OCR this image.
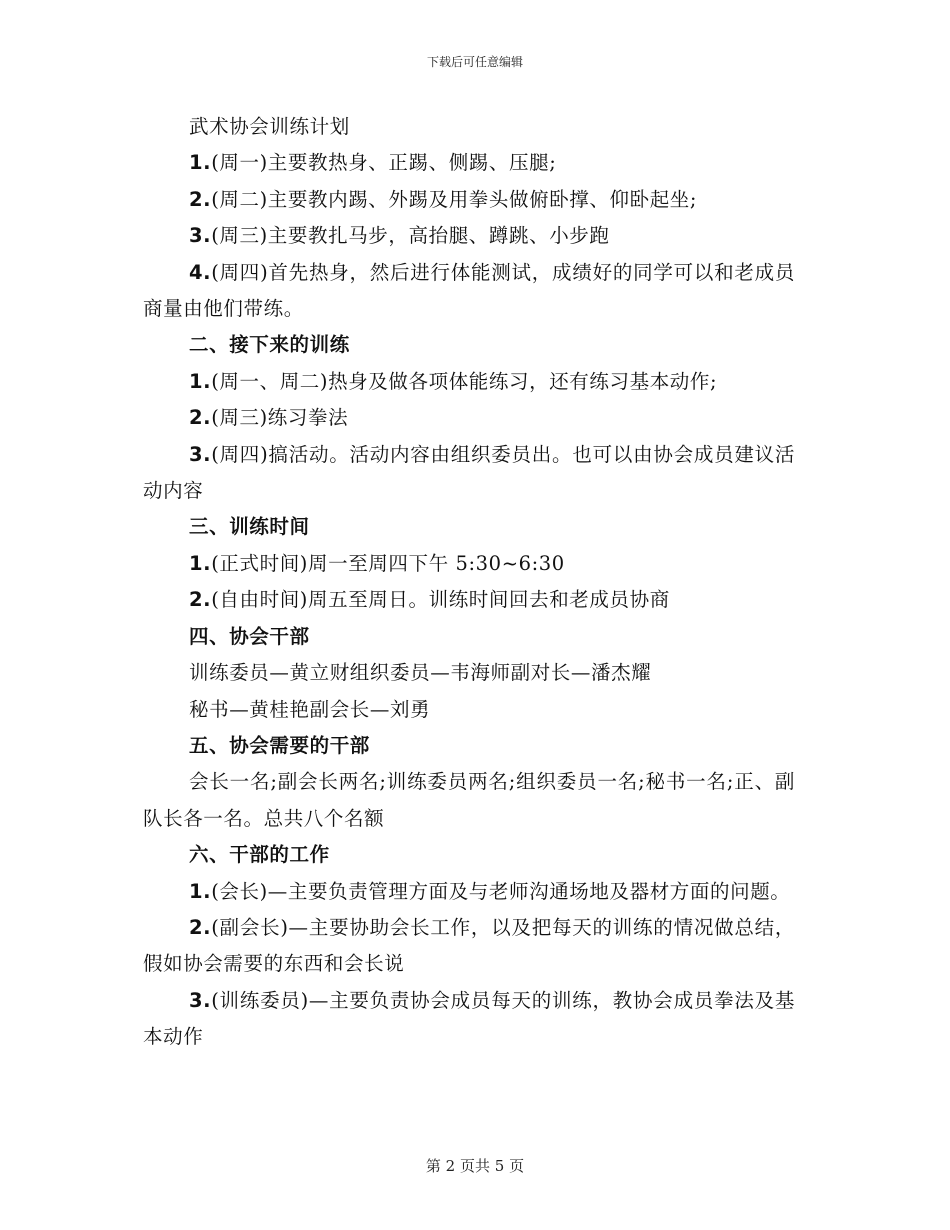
下载后可任意编辑

武术协会训练计划

1.(周一)主要教热身、正踢、侧踢、压腿;

2.(周二)主要教内踢、外踢及用拳头做俯卧撑、仰卧起坐;

3.(周三)主要教扎马步，高抬腿、蹲跳、小步跑

4.(周四)首先热身，然后进行体能测试，成绩好的同学可以和老成员商量由他们带练。

二、接下来的训练

1.(周一、周二)热身及做各项体能练习，还有练习基本动作;

2.(周三)练习拳法

3.(周四)搞活动。活动内容由组织委员出。也可以由协会成员建议活动内容

三、训练时间

1.(正式时间)周一至周四下午 5:30~6:30

2.(自由时间)周五至周日。训练时间回去和老成员协商

四、协会干部

训练委员—黄立财组织委员—韦海师副对长—潘杰耀

秘书—黄桂艳副会长—刘勇

五、协会需要的干部

会长一名;副会长两名;训练委员两名;组织委员一名;秘书一名;正、副队长各一名。总共八个名额

六、干部的工作

1.(会长)—主要负责管理方面及与老师沟通场地及器材方面的问题。

2.(副会长)—主要协助会长工作，以及把每天的训练的情况做总结，假如协会需要的东西和会长说

3.(训练委员)—主要负责协会成员每天的训练，教协会成员拳法及基本动作

第 2 页共 5 页
